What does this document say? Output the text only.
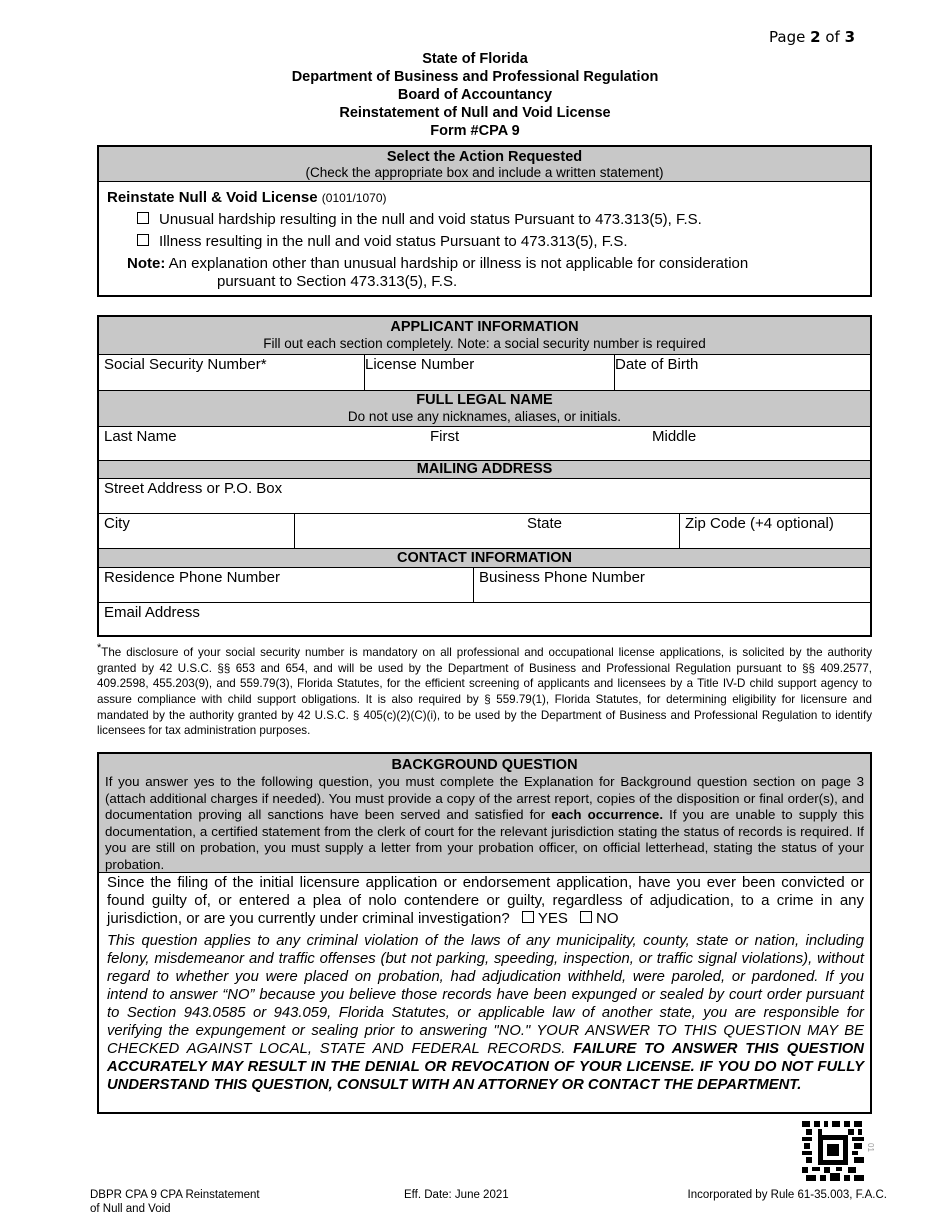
Page 2 of 3
State of Florida
Department of Business and Professional Regulation
Board of Accountancy
Reinstatement of Null and Void License
Form #CPA 9
Select the Action Requested
(Check the appropriate box and include a written statement)
Reinstate Null & Void License (0101/1070)
Unusual hardship resulting in the null and void status Pursuant to 473.313(5), F.S.
Illness resulting in the null and void status Pursuant to 473.313(5), F.S.
Note: An explanation other than unusual hardship or illness is not applicable for consideration
pursuant to Section 473.313(5), F.S.
APPLICANT INFORMATION
Fill out each section completely. Note: a social security number is required
Social Security Number*	License Number	Date of Birth
FULL LEGAL NAME
Do not use any nicknames, aliases, or initials.
Last Name	First	Middle
MAILING ADDRESS
Street Address or P.O. Box
City	State	Zip Code (+4 optional)
CONTACT INFORMATION
Residence Phone Number	Business Phone Number
Email Address
*The disclosure of your social security number is mandatory on all professional and occupational license applications, is solicited by the authority granted by 42 U.S.C. §§ 653 and 654, and will be used by the Department of Business and Professional Regulation pursuant to §§ 409.2577, 409.2598, 455.203(9), and 559.79(3), Florida Statutes, for the efficient screening of applicants and licensees by a Title IV-D child support agency to assure compliance with child support obligations. It is also required by § 559.79(1), Florida Statutes, for determining eligibility for licensure and mandated by the authority granted by 42 U.S.C. § 405(c)(2)(C)(i), to be used by the Department of Business and Professional Regulation to identify licensees for tax administration purposes.
BACKGROUND QUESTION
If you answer yes to the following question, you must complete the Explanation for Background question section on page 3 (attach additional charges if needed). You must provide a copy of the arrest report, copies of the disposition or final order(s), and documentation proving all sanctions have been served and satisfied for each occurrence. If you are unable to supply this documentation, a certified statement from the clerk of court for the relevant jurisdiction stating the status of records is required. If you are still on probation, you must supply a letter from your probation officer, on official letterhead, stating the status of your probation.
Since the filing of the initial licensure application or endorsement application, have you ever been convicted or found guilty of, or entered a plea of nolo contendere or guilty, regardless of adjudication, to a crime in any jurisdiction, or are you currently under criminal investigation? YES NO
This question applies to any criminal violation of the laws of any municipality, county, state or nation, including felony, misdemeanor and traffic offenses (but not parking, speeding, inspection, or traffic signal violations), without regard to whether you were placed on probation, had adjudication withheld, were paroled, or pardoned. If you intend to answer “NO” because you believe those records have been expunged or sealed by court order pursuant to Section 943.0585 or 943.059, Florida Statutes, or applicable law of another state, you are responsible for verifying the expungement or sealing prior to answering "NO." YOUR ANSWER TO THIS QUESTION MAY BE CHECKED AGAINST LOCAL, STATE AND FEDERAL RECORDS. FAILURE TO ANSWER THIS QUESTION ACCURATELY MAY RESULT IN THE DENIAL OR REVOCATION OF YOUR LICENSE. IF YOU DO NOT FULLY UNDERSTAND THIS QUESTION, CONSULT WITH AN ATTORNEY OR CONTACT THE DEPARTMENT.
01
DBPR CPA 9 CPA Reinstatement
of Null and Void
Eff. Date: June 2021	Incorporated by Rule 61-35.003, F.A.C.
